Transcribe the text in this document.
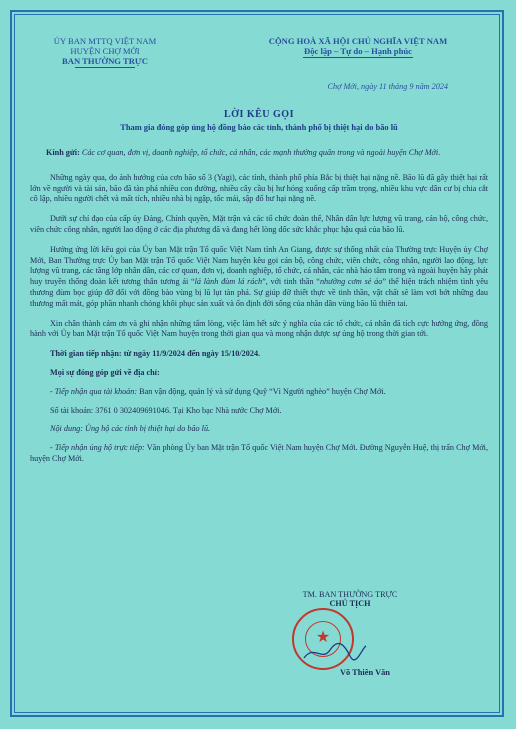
ỦY BAN MTTQ VIỆT NAM
HUYỆN CHỢ MỚI
BAN THƯỜNG TRỰC
CỘNG HOÀ XÃ HỘI CHỦ NGHĨA VIỆT NAM
Độc lập – Tự do – Hạnh phúc
Chợ Mới, ngày 11 tháng 9 năm 2024
LỜI KÊU GỌI
Tham gia đóng góp ủng hộ đồng bào các tỉnh, thành phố bị thiệt hại do bão lũ
Kính gửi: Các cơ quan, đơn vị, doanh nghiệp, tổ chức, cá nhân, các mạnh thường quân trong và ngoài huyện Chợ Mới.
Những ngày qua, do ảnh hưởng của cơn bão số 3 (Yagi), các tỉnh, thành phố phía Bắc bị thiệt hại nặng nề. Bão lũ đã gây thiệt hại rất lớn về người và tài sản, bão đã tàn phá nhiều con đường, nhiều cây cầu bị hư hỏng xuống cấp trầm trọng, nhiều khu vực dân cư bị chia cắt cô lập, nhiều người chết và mất tích, nhiều nhà bị ngập, tốc mái, sập đổ hư hại nặng nề.
Dưới sự chỉ đạo của cấp ủy Đảng, Chính quyền, Mặt trận và các tổ chức đoàn thể, Nhân dân lực lượng vũ trang, cán bộ, công chức, viên chức công nhân, người lao động ở các địa phương đã và đang hết lòng dốc sức khắc phục hậu quả của bão lũ.
Hưởng ứng lời kêu gọi của Ủy ban Mặt trận Tổ quốc Việt Nam tỉnh An Giang, được sự thống nhất của Thường trực Huyện ủy Chợ Mới, Ban Thường trực Ủy ban Mặt trận Tổ quốc Việt Nam huyện kêu gọi cán bộ, công chức, viên chức, công nhân, người lao động, lực lượng vũ trang, các tầng lớp nhân dân, các cơ quan, đơn vị, doanh nghiệp, tổ chức, cá nhân, các nhà hảo tâm trong và ngoài huyện hãy phát huy truyền thống đoàn kết tương thân tương ái “lá lành đùm lá rách”, với tinh thần “nhường cơm sẻ áo” thể hiện trách nhiệm tình yêu thương đùm bọc giúp đỡ đối với đồng bào vùng bị lũ lụt tàn phá. Sự giúp đỡ thiết thực về tinh thần, vật chất sẽ làm vơi bớt những đau thương mất mát, góp phần nhanh chóng khôi phục sản xuất và ổn định đời sống của nhân dân vùng bão lũ thiên tai.
Xin chân thành cảm ơn và ghi nhận những tấm lòng, việc làm hết sức ý nghĩa của các tổ chức, cá nhân đã tích cực hưởng ứng, đồng hành với Ủy ban Mặt trận Tổ quốc Việt Nam huyện trong thời gian qua và mong nhận được sự ủng hộ trong thời gian tới.
Thời gian tiếp nhận: từ ngày 11/9/2024 đến ngày 15/10/2024.
Mọi sự đóng góp gửi về địa chỉ:
- Tiếp nhận qua tài khoản: Ban vận động, quản lý và sử dụng Quỹ “Vì Người nghèo” huyện Chợ Mới.
Số tài khoản: 3761 0 302409691046. Tại Kho bạc Nhà nước Chợ Mới.
Nội dung: Ủng hộ các tỉnh bị thiệt hại do bão lũ.
- Tiếp nhận ủng hộ trực tiếp: Văn phòng Ủy ban Mặt trận Tổ quốc Việt Nam huyện Chợ Mới. Đường Nguyễn Huệ, thị trấn Chợ Mới, huyện Chợ Mới.
TM. BAN THƯỜNG TRỰC
CHỦ TỊCH
★
Võ Thiên Văn
